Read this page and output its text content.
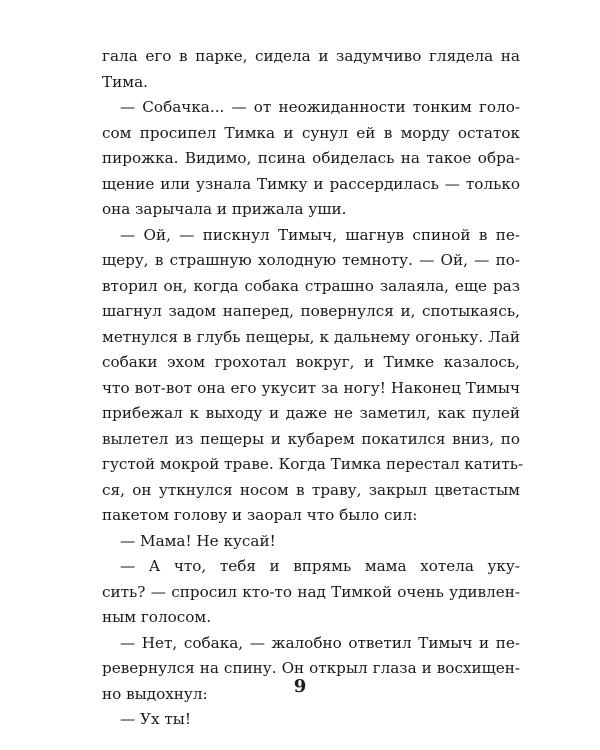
гала его в парке, сидела и задумчиво глядела на
Тима.
— Собачка... — от неожиданности тонким голо-
сом просипел Тимка и сунул ей в морду остаток
пирожка. Видимо, псина обиделась на такое обра-
щение или узнала Тимку и рассердилась — только
она зарычала и прижала уши.
— Ой, — пискнул Тимыч, шагнув спиной в пе-
щеру, в страшную холодную темноту. — Ой, — по-
вторил он, когда собака страшно залаяла, еще раз
шагнул задом наперед, повернулся и, спотыкаясь,
метнулся в глубь пещеры, к дальнему огоньку. Лай
собаки эхом грохотал вокруг, и Тимке казалось,
что вот-вот она его укусит за ногу! Наконец Тимыч
прибежал к выходу и даже не заметил, как пулей
вылетел из пещеры и кубарем покатился вниз, по
густой мокрой траве. Когда Тимка перестал катить-
ся, он уткнулся носом в траву, закрыл цветастым
пакетом голову и заорал что было сил:
— Мама! Не кусай!
— А что, тебя и впрямь мама хотела уку-
сить? — спросил кто-то над Тимкой очень удивлен-
ным голосом.
— Нет, собака, — жалобно ответил Тимыч и пе-
ревернулся на спину. Он открыл глаза и восхищен-
но выдохнул:
— Ух ты!
9
